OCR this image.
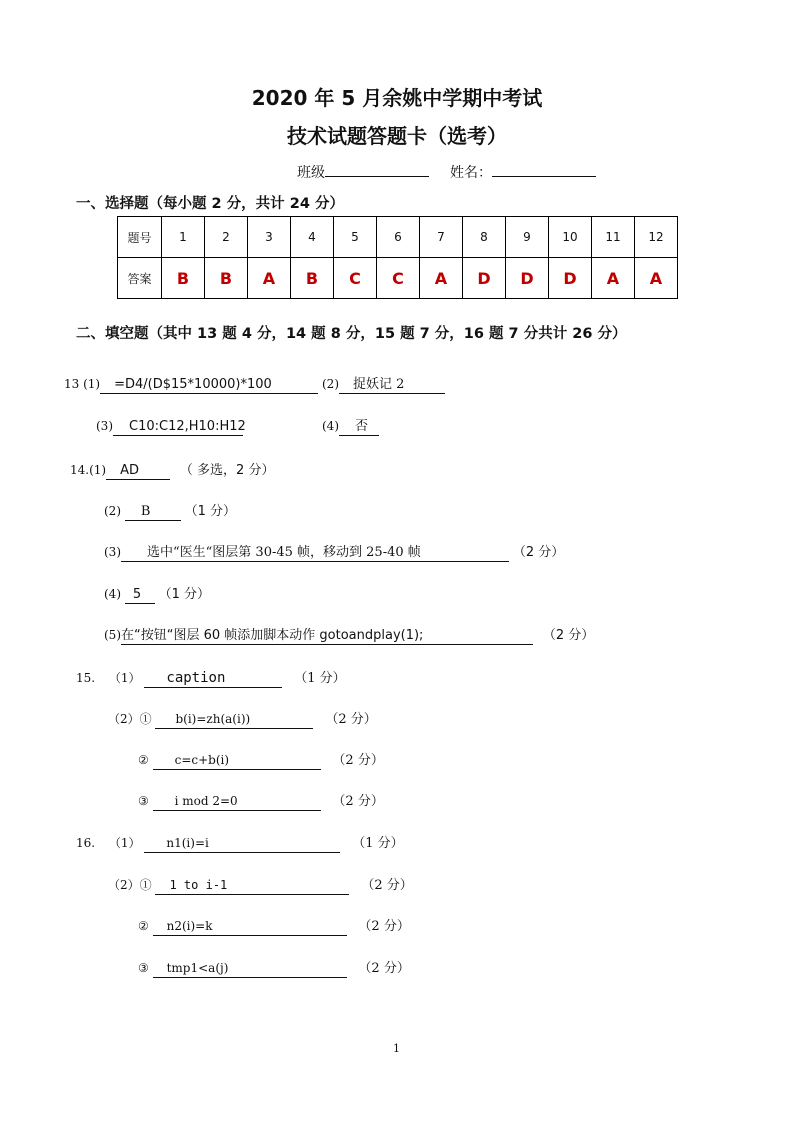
2020 年 5 月余姚中学期中考试
技术试题答题卡（选考）
班级	姓名：
一、选择题（每小题 2 分，共计 24 分）
题号	1	2	3	4	5	6	7	8	9	10	11	12
答案	B	B	A	B	C	C	A	D	D	D	A	A
二、填空题（其中 13 题 4 分，14 题 8 分，15 题 7 分，16 题 7 分共计 26 分）
13 (1) =D4/(D$15*10000)*100	(2) 捉妖记 2
(3) C10:C12,H10:H12	(4) 否
14.(1) AD	（ 多选，2 分）
(2) B	（1 分）
(3) 选中“医生“图层第 30-45 帧，移动到 25-40 帧	（2 分）
(4) 5 （1 分）
(5)在“按钮“图层 60 帧添加脚本动作 gotoandplay(1);	（2 分）
15. （1） caption	（1 分）
（2）① b(i)=zh(a(i))	（2 分）
② c=c+b(i)	（2 分）
③ i mod 2=0	（2 分）
16. （1） n1(i)=i	（1 分）
（2）① 1 to i-1	（2 分）
② n2(i)=k	（2 分）
③ tmp1<a(j)	（2 分）
1
